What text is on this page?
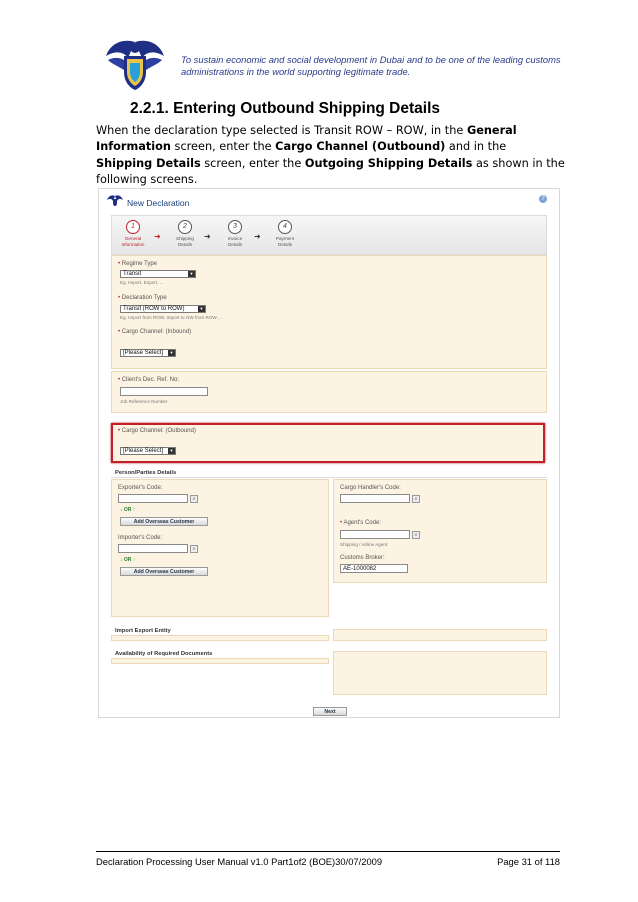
To sustain economic and social development in Dubai and to be one of the leading customs administrations in the world supporting legitimate trade.
2.2.1. Entering Outbound Shipping Details
When the declaration type selected is Transit ROW – ROW, in the General Information screen, enter the Cargo Channel (Outbound) and in the Shipping Details screen, enter the Outgoing Shipping Details as shown in the following screens.
New Declaration	?
1
General
Information
➜
2
Shipping
Details
➜
3
Invoice
Details
➜
4
Payment
Details
• Regime Type
Transit	▼
Eg. Import, Export, ...
• Declaration Type
Transit (ROW to ROW)	▼
Eg. Import from ROW, Import to GW from ROW, ...
• Cargo Channel: (Inbound)
[Please Select]	▼
• Client's Dec. Ref. No:
Job Reference Number
• Cargo Channel: (Outbound)
[Please Select]	▼
Person/Parties Details
Exporter's Code:
⌕
↓ OR ↑
Add Overseas Customer
Importer's Code:
⌕
↓ OR ↑
Add Overseas Customer
Cargo Handler's Code:
⌕
• Agent's Code:
⌕
Shipping / Airline Agent
Customs Broker:
AE-1000082
Import Export Entity
Availability of Required Documents
Next
Declaration Processing User Manual v1.0 Part1of2 (BOE)30/07/2009	Page 31 of 118
